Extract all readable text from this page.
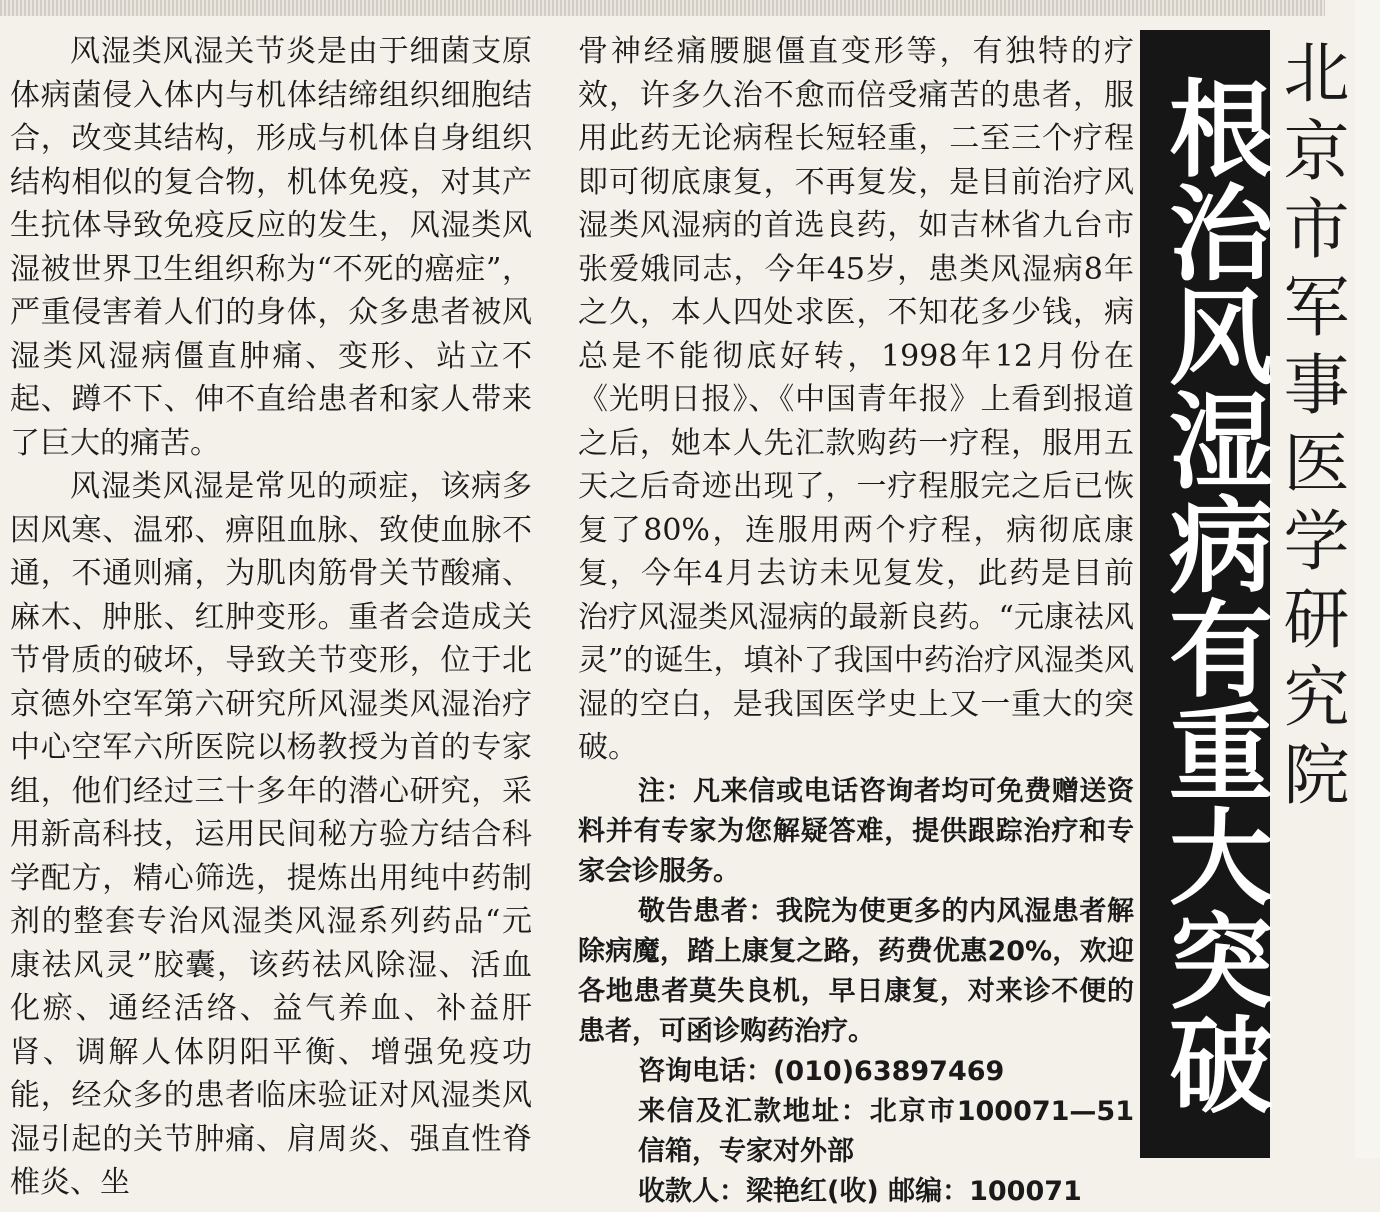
风湿类风湿关节炎是由于细菌支原体病菌侵入体内与机体结缔组织细胞结合，改变其结构，形成与机体自身组织结构相似的复合物，机体免疫，对其产生抗体导致免疫反应的发生，风湿类风湿被世界卫生组织称为“不死的癌症”，严重侵害着人们的身体，众多患者被风湿类风湿病僵直肿痛、变形、站立不起、蹲不下、伸不直给患者和家人带来了巨大的痛苦。

风湿类风湿是常见的顽症，该病多因风寒、温邪、痹阻血脉、致使血脉不通，不通则痛，为肌肉筋骨关节酸痛、麻木、肿胀、红肿变形。重者会造成关节骨质的破坏，导致关节变形，位于北京德外空军第六研究所风湿类风湿治疗中心空军六所医院以杨教授为首的专家组，他们经过三十多年的潜心研究，采用新高科技，运用民间秘方验方结合科学配方，精心筛选，提炼出用纯中药制剂的整套专治风湿类风湿系列药品“元康祛风灵”胶囊，该药祛风除湿、活血化瘀、通经活络、益气养血、补益肝肾、调解人体阴阳平衡、增强免疫功能，经众多的患者临床验证对风湿类风湿引起的关节肿痛、肩周炎、强直性脊椎炎、坐

骨神经痛腰腿僵直变形等，有独特的疗效，许多久治不愈而倍受痛苦的患者，服用此药无论病程长短轻重，二至三个疗程即可彻底康复，不再复发，是目前治疗风湿类风湿病的首选良药，如吉林省九台市张爱娥同志，今年45岁，患类风湿病8年之久，本人四处求医，不知花多少钱，病总是不能彻底好转，1998年12月份在《光明日报》、《中国青年报》上看到报道之后，她本人先汇款购药一疗程，服用五天之后奇迹出现了，一疗程服完之后已恢复了80%，连服用两个疗程，病彻底康复，今年4月去访未见复发，此药是目前治疗风湿类风湿病的最新良药。“元康祛风灵”的诞生，填补了我国中药治疗风湿类风湿的空白，是我国医学史上又一重大的突破。

注：凡来信或电话咨询者均可免费赠送资料并有专家为您解疑答难，提供跟踪治疗和专家会诊服务。

敬告患者：我院为使更多的内风湿患者解除病魔，踏上康复之路，药费优惠20%，欢迎各地患者莫失良机，早日康复，对来诊不便的患者，可函诊购药治疗。

咨询电话：(010)63897469
来信及汇款地址：北京市100071—51信箱，专家对外部
收款人：梁艳红(收) 邮编：100071

根治风湿病有重大突破 北京市军事医学研究院
